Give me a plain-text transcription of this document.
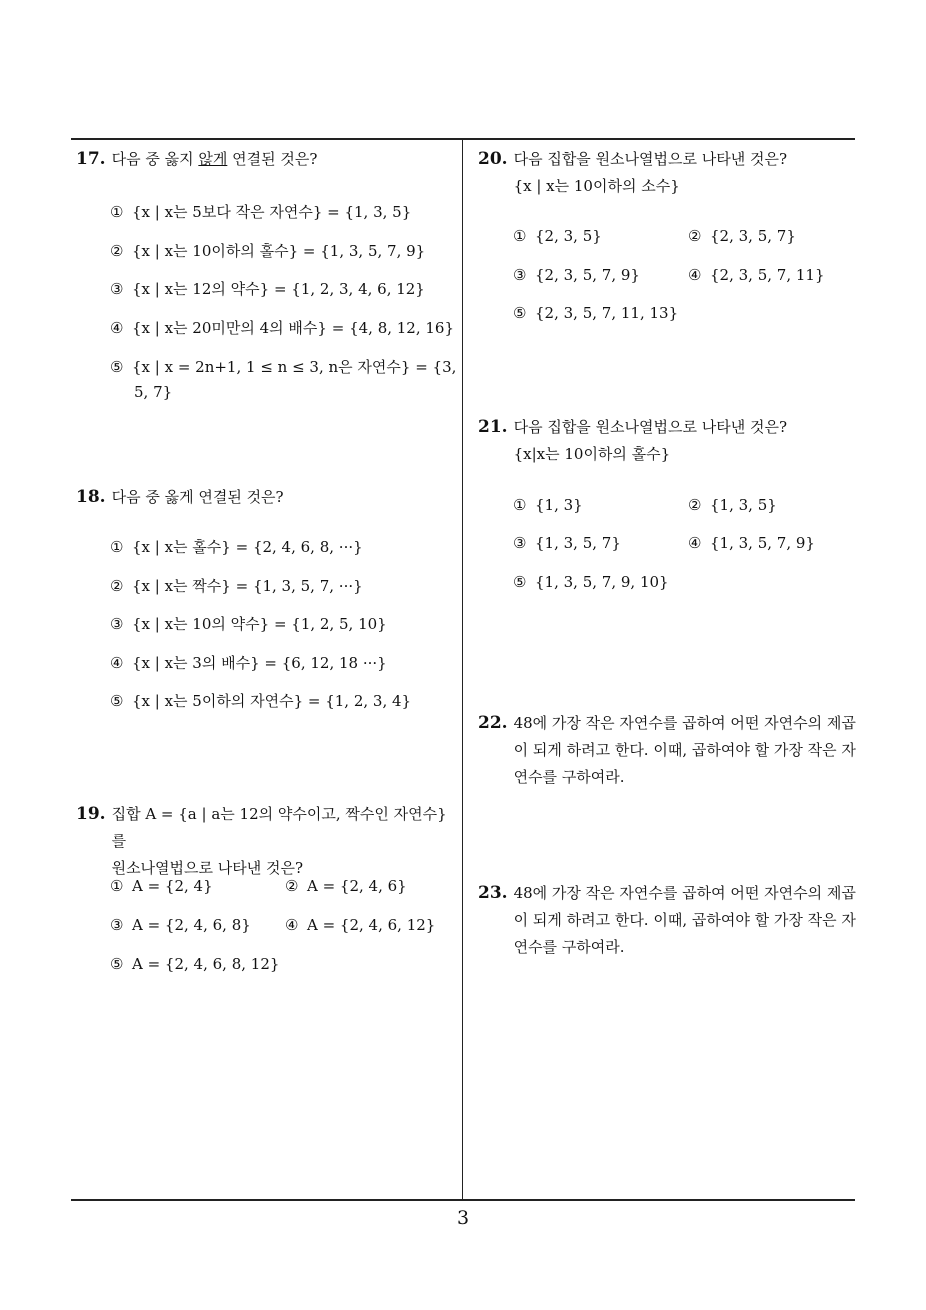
17. 다음 중 옳지 않게 연결된 것은?
① {x | x는 5보다 작은 자연수} = {1, 3, 5}
② {x | x는 10이하의 홀수} = {1, 3, 5, 7, 9}
③ {x | x는 12의 약수} = {1, 2, 3, 4, 6, 12}
④ {x | x는 20미만의 4의 배수} = {4, 8, 12, 16}
⑤ {x | x = 2n+1, 1 ≤ n ≤ 3, n은 자연수} = {3,
5, 7}
18. 다음 중 옳게 연결된 것은?
① {x | x는 홀수} = {2, 4, 6, 8, ···}
② {x | x는 짝수} = {1, 3, 5, 7, ···}
③ {x | x는 10의 약수} = {1, 2, 5, 10}
④ {x | x는 3의 배수} = {6, 12, 18 ···}
⑤ {x | x는 5이하의 자연수} = {1, 2, 3, 4}
19. 집합 A = {a | a는 12의 약수이고, 짝수인 자연수}를
원소나열법으로 나타낸 것은?
① A = {2, 4}	② A = {2, 4, 6}
③ A = {2, 4, 6, 8} ④ A = {2, 4, 6, 12}
⑤ A = {2, 4, 6, 8, 12}
20. 다음 집합을 원소나열법으로 나타낸 것은?
{x | x는 10이하의 소수}
① {2, 3, 5}	② {2, 3, 5, 7}
③ {2, 3, 5, 7, 9}	④ {2, 3, 5, 7, 11}
⑤ {2, 3, 5, 7, 11, 13}
21. 다음 집합을 원소나열법으로 나타낸 것은?
{x|x는 10이하의 홀수}
① {1, 3}	② {1, 3, 5}
③ {1, 3, 5, 7}	④ {1, 3, 5, 7, 9}
⑤ {1, 3, 5, 7, 9, 10}
22. 48에 가장 작은 자연수를 곱하여 어떤 자연수의 제곱
이 되게 하려고 한다. 이때, 곱하여야 할 가장 작은 자
연수를 구하여라.
23. 48에 가장 작은 자연수를 곱하여 어떤 자연수의 제곱
이 되게 하려고 한다. 이때, 곱하여야 할 가장 작은 자
연수를 구하여라.
3
